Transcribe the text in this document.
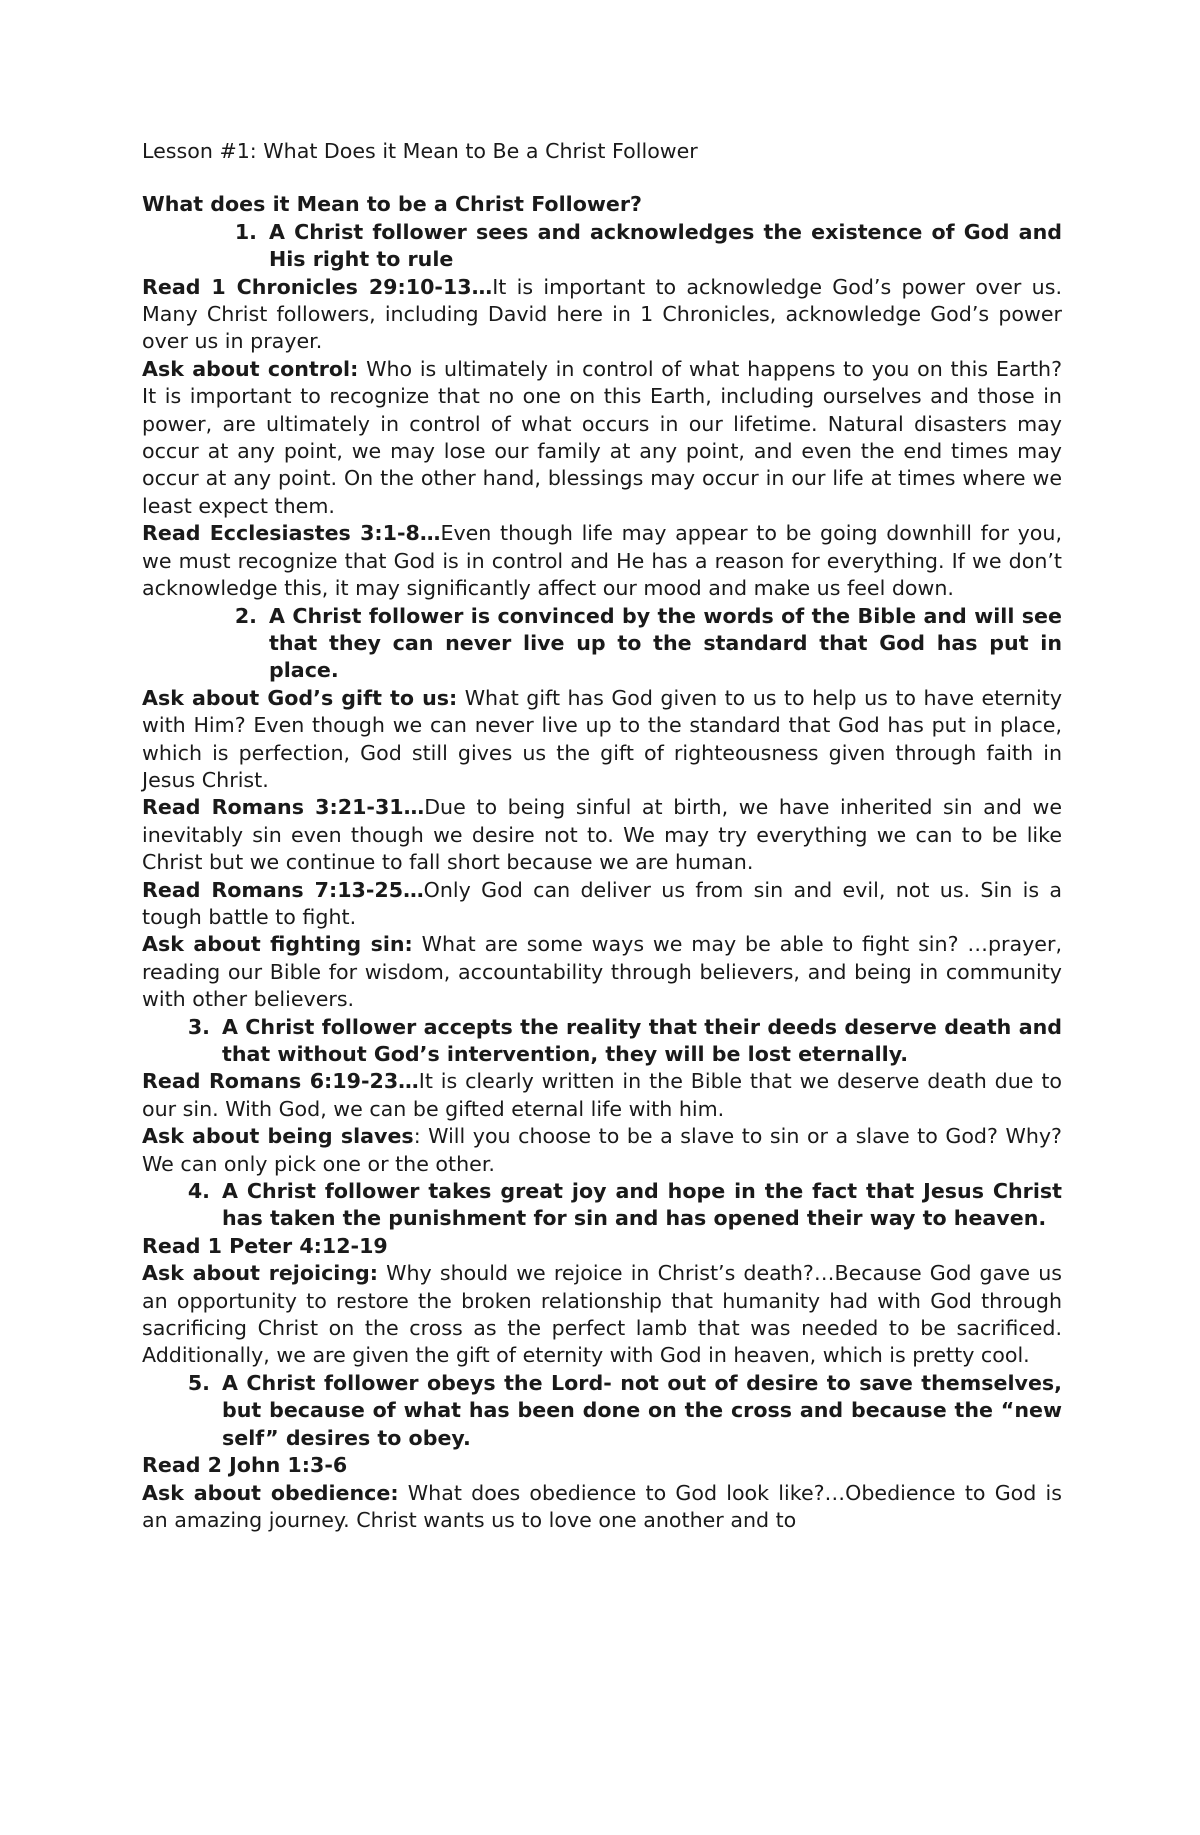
Lesson #1: What Does it Mean to Be a Christ Follower

What does it Mean to be a Christ Follower?

1. A Christ follower sees and acknowledges the existence of God and His right to rule

Read 1 Chronicles 29:10-13…It is important to acknowledge God’s power over us. Many Christ followers, including David here in 1 Chronicles, acknowledge God’s power over us in prayer.

Ask about control: Who is ultimately in control of what happens to you on this Earth? It is important to recognize that no one on this Earth, including ourselves and those in power, are ultimately in control of what occurs in our lifetime. Natural disasters may occur at any point, we may lose our family at any point, and even the end times may occur at any point. On the other hand, blessings may occur in our life at times where we least expect them.

Read Ecclesiastes 3:1-8…Even though life may appear to be going downhill for you, we must recognize that God is in control and He has a reason for everything. If we don’t acknowledge this, it may significantly affect our mood and make us feel down.

2. A Christ follower is convinced by the words of the Bible and will see that they can never live up to the standard that God has put in place.

Ask about God’s gift to us: What gift has God given to us to help us to have eternity with Him? Even though we can never live up to the standard that God has put in place, which is perfection, God still gives us the gift of righteousness given through faith in Jesus Christ.

Read Romans 3:21-31…Due to being sinful at birth, we have inherited sin and we inevitably sin even though we desire not to. We may try everything we can to be like Christ but we continue to fall short because we are human.

Read Romans 7:13-25…Only God can deliver us from sin and evil, not us. Sin is a tough battle to fight.

Ask about fighting sin: What are some ways we may be able to fight sin? …prayer, reading our Bible for wisdom, accountability through believers, and being in community with other believers.

3. A Christ follower accepts the reality that their deeds deserve death and that without God’s intervention, they will be lost eternally.

Read Romans 6:19-23…It is clearly written in the Bible that we deserve death due to our sin. With God, we can be gifted eternal life with him.

Ask about being slaves: Will you choose to be a slave to sin or a slave to God? Why? We can only pick one or the other.

4. A Christ follower takes great joy and hope in the fact that Jesus Christ has taken the punishment for sin and has opened their way to heaven.

Read 1 Peter 4:12-19

Ask about rejoicing: Why should we rejoice in Christ’s death?…Because God gave us an opportunity to restore the broken relationship that humanity had with God through sacrificing Christ on the cross as the perfect lamb that was needed to be sacrificed. Additionally, we are given the gift of eternity with God in heaven, which is pretty cool.

5. A Christ follower obeys the Lord- not out of desire to save themselves, but because of what has been done on the cross and because the “new self” desires to obey.

Read 2 John 1:3-6

Ask about obedience: What does obedience to God look like?…Obedience to God is an amazing journey. Christ wants us to love one another and to
